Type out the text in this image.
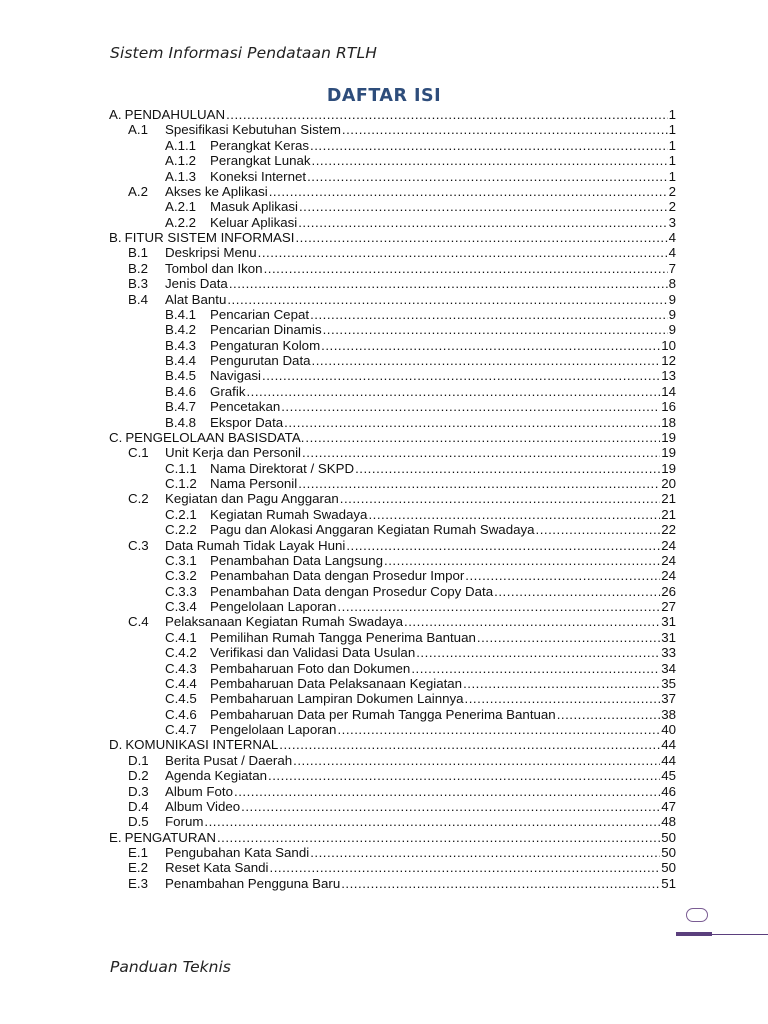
Sistem Informasi Pendataan RTLH
DAFTAR ISI
A. PENDAHULUAN .....	1
A.1	Spesifikasi Kebutuhan Sistem .....	1
A.1.1	Perangkat Keras .....	1
A.1.2	Perangkat Lunak .....	1
A.1.3	Koneksi Internet .....	1
A.2	Akses ke Aplikasi .....	2
A.2.1	Masuk Aplikasi .....	2
A.2.2	Keluar Aplikasi .....	3
B. FITUR SISTEM INFORMASI .....	4
B.1	Deskripsi Menu .....	4
B.2	Tombol dan Ikon .....	7
B.3	Jenis Data .....	8
B.4	Alat Bantu .....	9
B.4.1	Pencarian Cepat .....	9
B.4.2	Pencarian Dinamis .....	9
B.4.3	Pengaturan Kolom .....	10
B.4.4	Pengurutan Data .....	12
B.4.5	Navigasi .....	13
B.4.6	Grafik .....	14
B.4.7	Pencetakan .....	16
B.4.8	Ekspor Data .....	18
C. PENGELOLAAN BASISDATA. .....	19
C.1	Unit Kerja dan Personil .....	19
C.1.1 Nama Direktorat / SKPD .....	19
C.1.2 Nama Personil .....	20
C.2	Kegiatan dan Pagu Anggaran .....	21
C.2.1 Kegiatan Rumah Swadaya .....	21
C.2.2 Pagu dan Alokasi Anggaran Kegiatan Rumah Swadaya .....	22
C.3	Data Rumah Tidak Layak Huni .....	24
C.3.1 Penambahan Data Langsung .....	24
C.3.2 Penambahan Data dengan Prosedur Impor .....	24
C.3.3 Penambahan Data dengan Prosedur Copy Data .....	26
C.3.4 Pengelolaan Laporan .....	27
C.4	Pelaksanaan Kegiatan Rumah Swadaya .....	31
C.4.1 Pemilihan Rumah Tangga Penerima Bantuan .....	31
C.4.2 Verifikasi dan Validasi Data Usulan .....	33
C.4.3 Pembaharuan Foto dan Dokumen .....	34
C.4.4 Pembaharuan Data Pelaksanaan Kegiatan .....	35
C.4.5 Pembaharuan Lampiran Dokumen Lainnya .....	37
C.4.6 Pembaharuan Data per Rumah Tangga Penerima Bantuan .....	38
C.4.7 Pengelolaan Laporan .....	40
D. KOMUNIKASI INTERNAL .....	44
D.1	Berita Pusat / Daerah .....	44
D.2	Agenda Kegiatan .....	45
D.3	Album Foto .....	46
D.4	Album Video .....	47
D.5	Forum .....	48
E. PENGATURAN .....	50
E.1	Pengubahan Kata Sandi .....	50
E.2	Reset Kata Sandi .....	50
E.3	Penambahan Pengguna Baru .....	51
Panduan Teknis
